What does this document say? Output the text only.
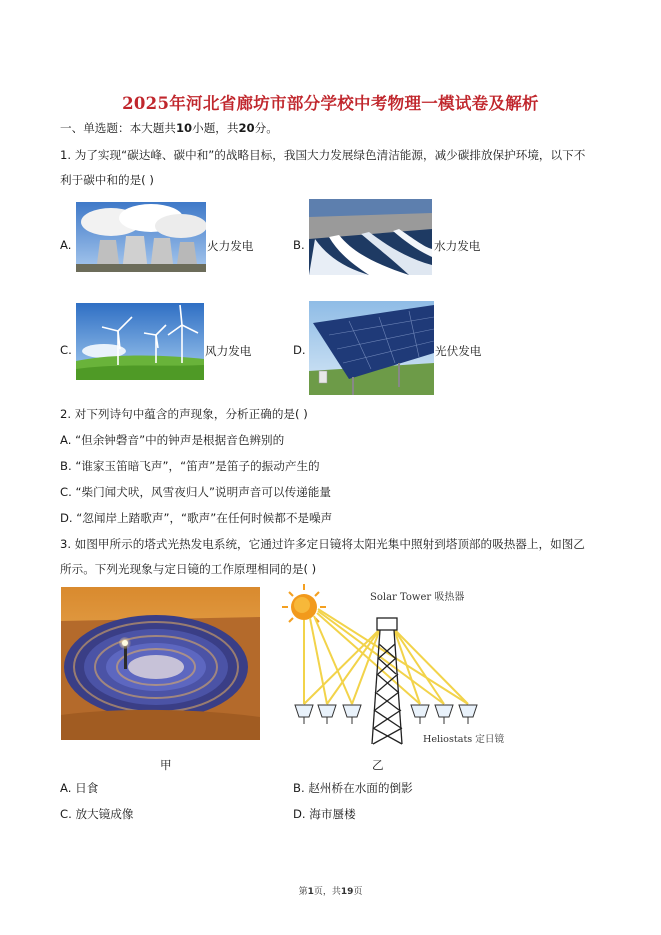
2025年河北省廊坊市部分学校中考物理一模试卷及解析
一、单选题：本大题共10小题，共20分。
1. 为了实现“碳达峰、碳中和”的战略目标，我国大力发展绿色清洁能源，减少碳排放保护环境，以下不
利于碳中和的是( )
A.	火力发电	B.	水力发电
C.	风力发电	D.	光伏发电
2. 对下列诗句中蕴含的声现象，分析正确的是( )
A. “但余钟磬音”中的钟声是根据音色辨别的
B. “谁家玉笛暗飞声”，“笛声”是笛子的振动产生的
C. “柴门闻犬吠，风雪夜归人”说明声音可以传递能量
D. “忽闻岸上踏歌声”，“歌声”在任何时候都不是噪声
3. 如图甲所示的塔式光热发电系统，它通过许多定日镜将太阳光集中照射到塔顶部的吸热器上，如图乙
所示。下列光现象与定日镜的工作原理相同的是( )
甲
Solar Tower 吸热器
Heliostats 定日镜
乙
A. 日食	B. 赵州桥在水面的倒影
C. 放大镜成像	D. 海市蜃楼
第1页，共19页
